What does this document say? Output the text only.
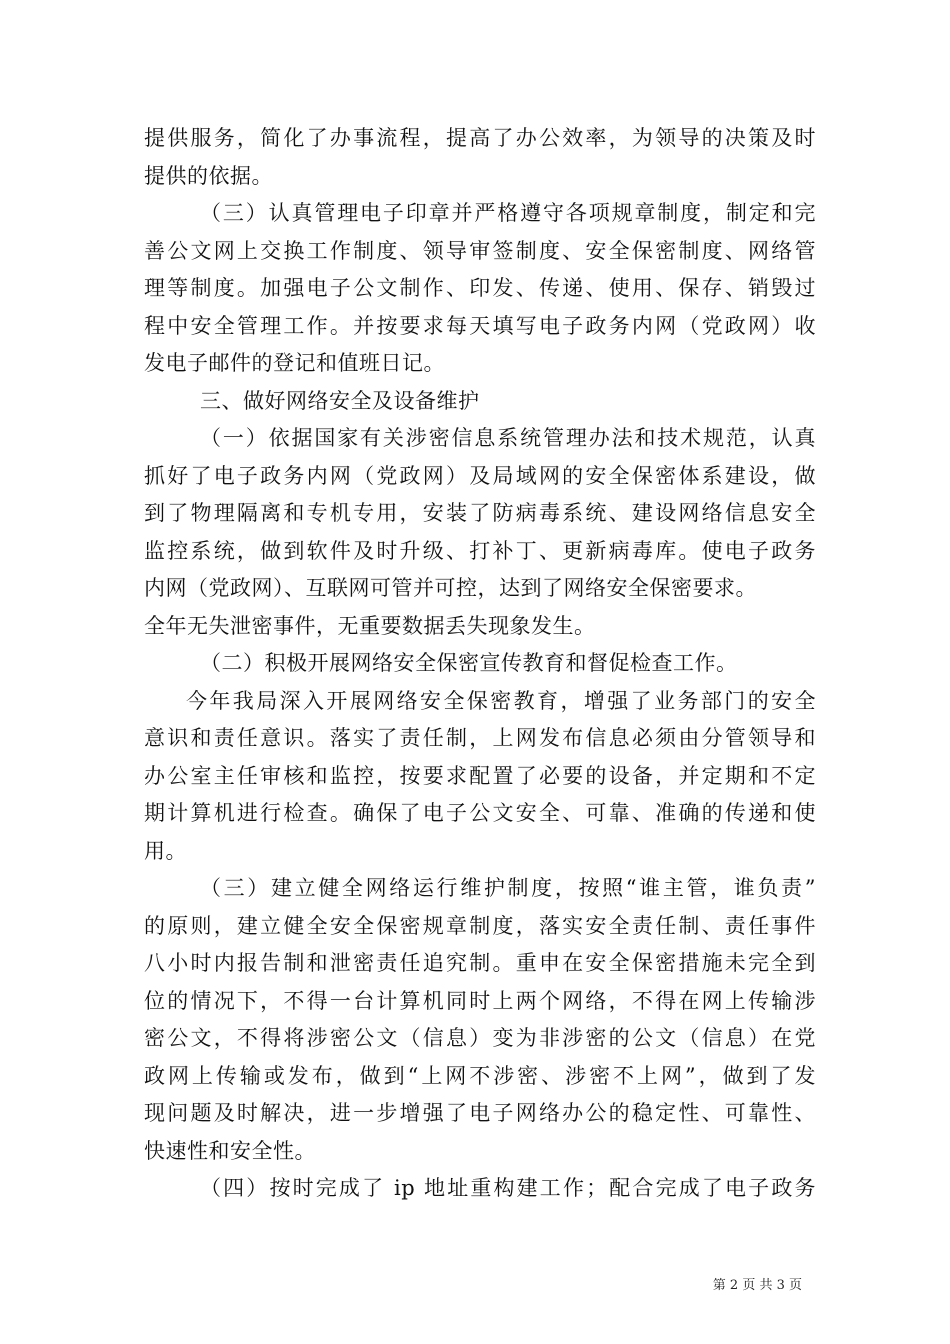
提供服务，简化了办事流程，提高了办公效率，为领导的决策及时
提供的依据。
（三）认真管理电子印章并严格遵守各项规章制度，制定和完
善公文网上交换工作制度、领导审签制度、安全保密制度、网络管
理等制度。加强电子公文制作、印发、传递、使用、保存、销毁过
程中安全管理工作。并按要求每天填写电子政务内网（党政网）收
发电子邮件的登记和值班日记。
三、做好网络安全及设备维护
（一）依据国家有关涉密信息系统管理办法和技术规范，认真
抓好了电子政务内网（党政网）及局域网的安全保密体系建设，做
到了物理隔离和专机专用，安装了防病毒系统、建设网络信息安全
监控系统，做到软件及时升级、打补丁、更新病毒库。使电子政务
内网（党政网）、互联网可管并可控，达到了网络安全保密要求。
全年无失泄密事件，无重要数据丢失现象发生。
（二）积极开展网络安全保密宣传教育和督促检查工作。
今年我局深入开展网络安全保密教育，增强了业务部门的安全
意识和责任意识。落实了责任制，上网发布信息必须由分管领导和
办公室主任审核和监控，按要求配置了必要的设备，并定期和不定
期计算机进行检查。确保了电子公文安全、可靠、准确的传递和使
用。
（三）建立健全网络运行维护制度，按照“谁主管，谁负责”
的原则，建立健全安全保密规章制度，落实安全责任制、责任事件
八小时内报告制和泄密责任追究制。重申在安全保密措施未完全到
位的情况下，不得一台计算机同时上两个网络，不得在网上传输涉
密公文，不得将涉密公文（信息）变为非涉密的公文（信息）在党
政网上传输或发布，做到“上网不涉密、涉密不上网”，做到了发
现问题及时解决，进一步增强了电子网络办公的稳定性、可靠性、
快速性和安全性。
（四）按时完成了 ip 地址重构建工作；配合完成了电子政务
第 2 页 共 3 页
